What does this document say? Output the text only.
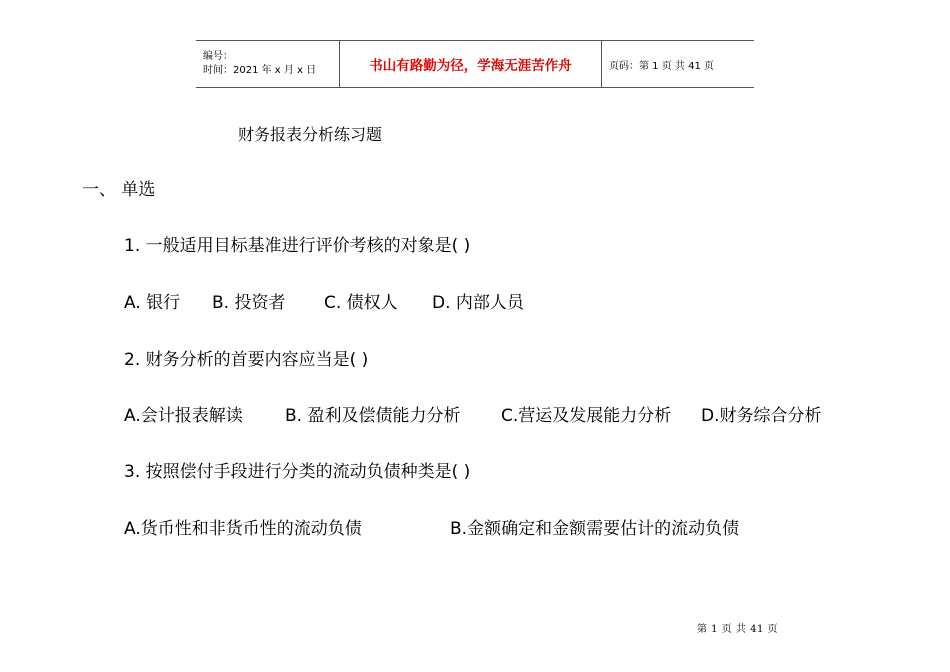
编号：
时间：2021 年 x 月 x 日	书山有路勤为径，学海无涯苦作舟	页码：第 1 页 共 41 页
财务报表分析练习题
一、 单选
1. 一般适用目标基准进行评价考核的对象是( )
A. 银行 B. 投资者 C. 债权人 D. 内部人员
2. 财务分析的首要内容应当是( )
A.会计报表解读 B. 盈利及偿债能力分析 C.营运及发展能力分析 D.财务综合分析
3. 按照偿付手段进行分类的流动负债种类是( )
A.货币性和非货币性的流动负债	B.金额确定和金额需要估计的流动负债
第 1 页 共 41 页
